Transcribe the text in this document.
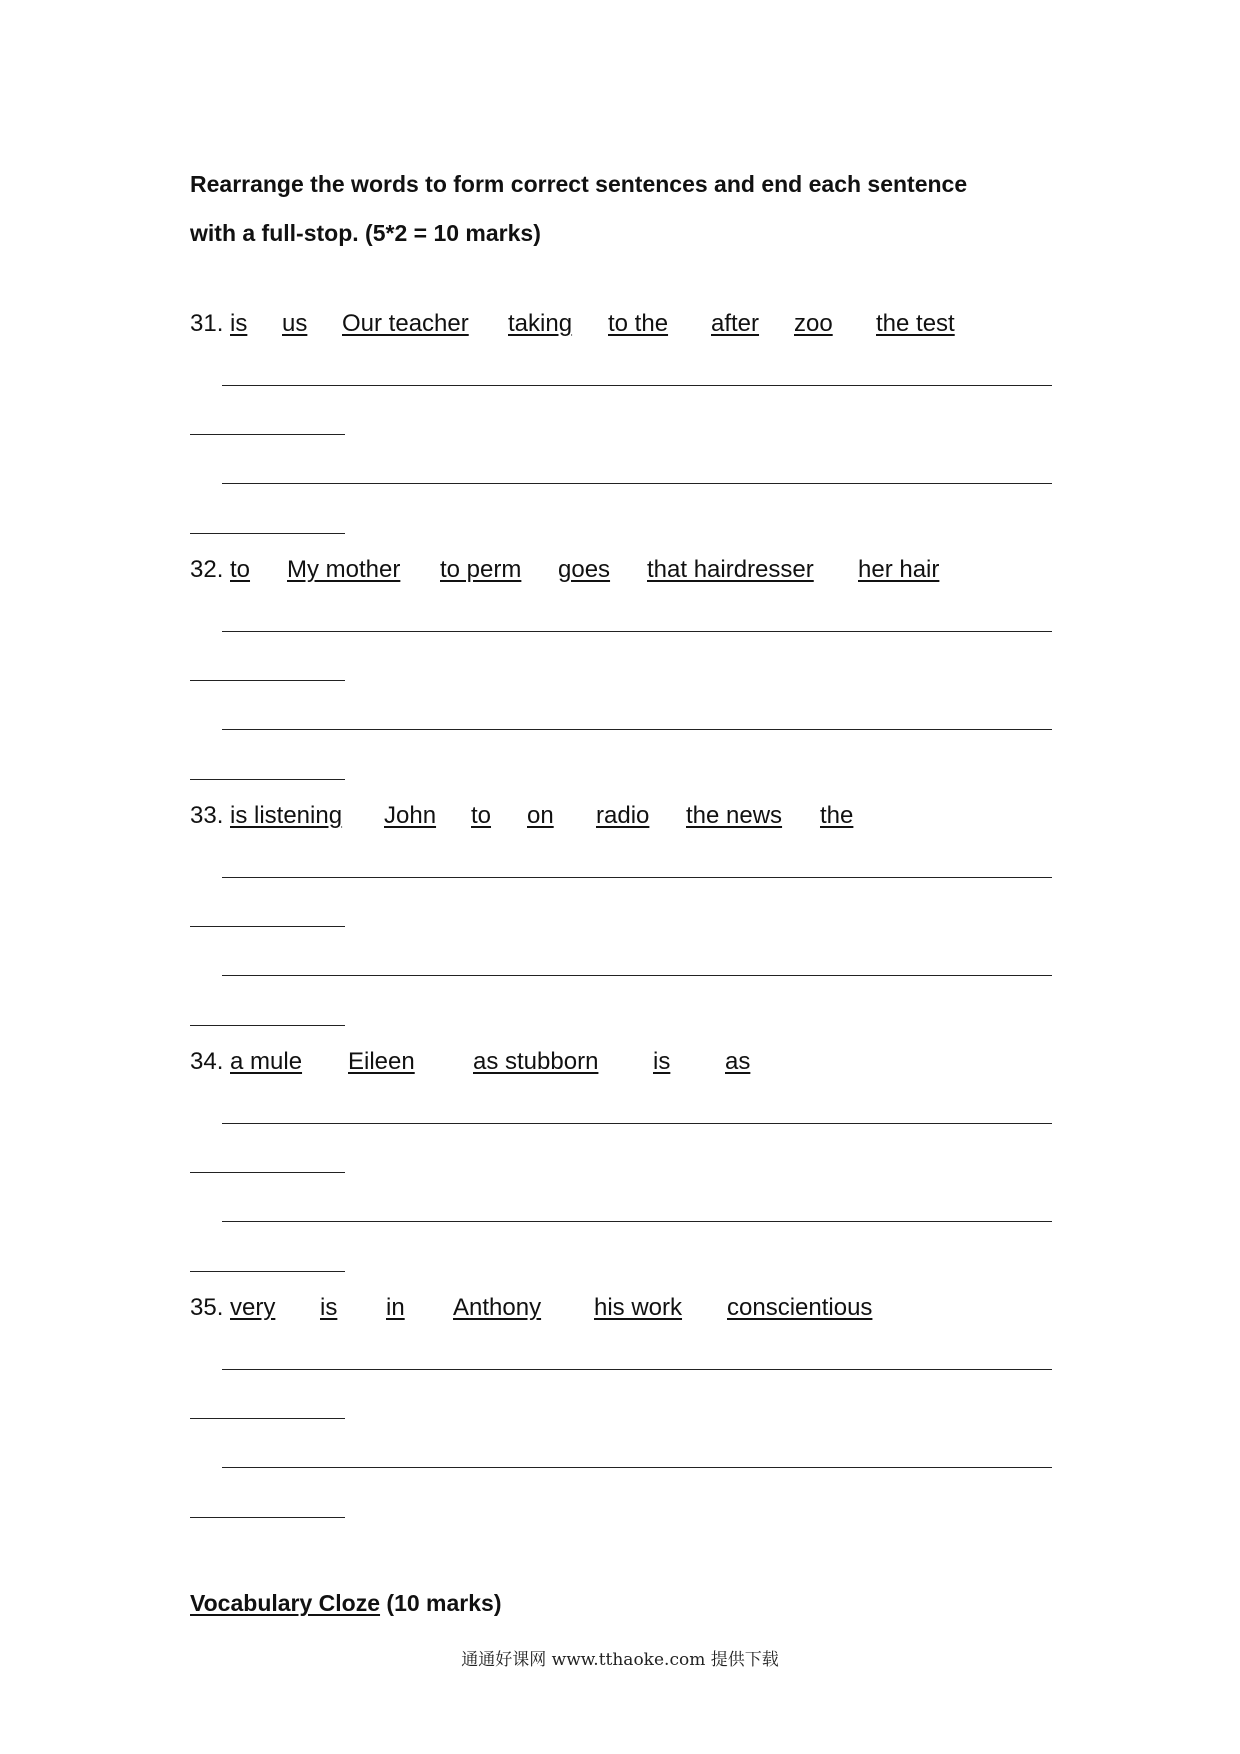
Rearrange the words to form correct sentences and end each sentence
with a full-stop. (5*2 = 10 marks)
31. is us Our teacher taking to the after zoo the test
32. to My mother to perm goes that hairdresser her hair
33. is listening John to on radio the news the
34. a mule Eileen as stubborn is as
35. very is in Anthony his work conscientious
Vocabulary Cloze (10 marks)
通通好课网 www.tthaoke.com 提供下载
